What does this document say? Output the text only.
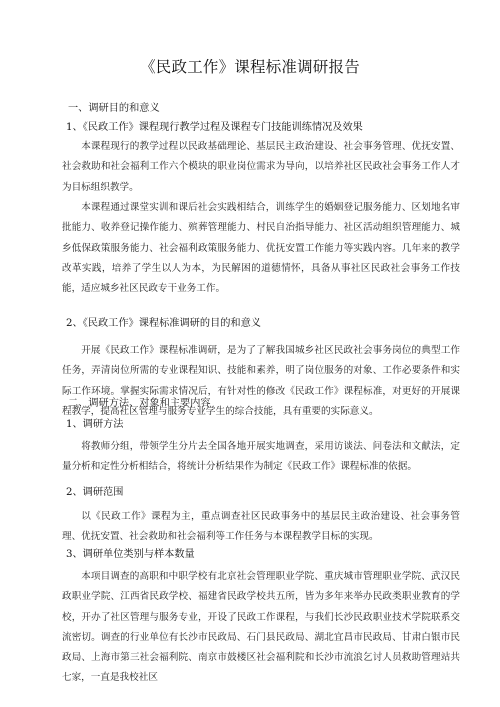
《民政工作》课程标准调研报告
一、调研目的和意义
1、《民政工作》课程现行教学过程及课程专门技能训练情况及效果
本课程现行的教学过程以民政基础理论、基层民主政治建设、社会事务管理、优抚安置、社会救助和社会福利工作六个模块的职业岗位需求为导向，以培养社区民政社会事务工作人才为目标组织教学。
本课程通过课堂实训和课后社会实践相结合，训练学生的婚姻登记服务能力、区划地名审批能力、收养登记操作能力、殡葬管理能力、村民自治指导能力、社区活动组织管理能力、城乡低保政策服务能力、社会福利政策服务能力、优抚安置工作能力等实践内容。几年来的教学改革实践，培养了学生以人为本，为民解困的道德情怀，具备从事社区民政社会事务工作技能，适应城乡社区民政专干业务工作。
2、《民政工作》课程标准调研的目的和意义
开展《民政工作》课程标准调研，是为了了解我国城乡社区民政社会事务岗位的典型工作任务，弄清岗位所需的专业课程知识、技能和素养，明了岗位服务的对象、工作必要条件和实际工作环境。掌握实际需求情况后，有针对性的修改《民政工作》课程标准，对更好的开展课程教学，提高社区管理与服务专业学生的综合技能，具有重要的实际意义。
二、调研方法、对象和主要内容
1、调研方法
将教师分组，带领学生分片去全国各地开展实地调查，采用访谈法、问卷法和文献法，定量分析和定性分析相结合，将统计分析结果作为制定《民政工作》课程标准的依据。
2、调研范围
以《民政工作》课程为主，重点调查社区民政事务中的基层民主政治建设、社会事务管理、优抚安置、社会救助和社会福利等工作任务与本课程教学目标的实现。
3、调研单位类别与样本数量
本项目调查的高职和中职学校有北京社会管理职业学院、重庆城市管理职业学院、武汉民政职业学院、江西省民政学校、福建省民政学校共五所，皆为多年来举办民政类职业教育的学校，开办了社区管理与服务专业，开设了民政工作课程，与我们长沙民政职业技术学院联系交流密切。调查的行业单位有长沙市民政局、石门县民政局、湖北宜昌市民政局、甘肃白银市民政局、上海市第三社会福利院、南京市鼓楼区社会福利院和长沙市流浪乞讨人员救助管理站共七家，一直是我校社区
